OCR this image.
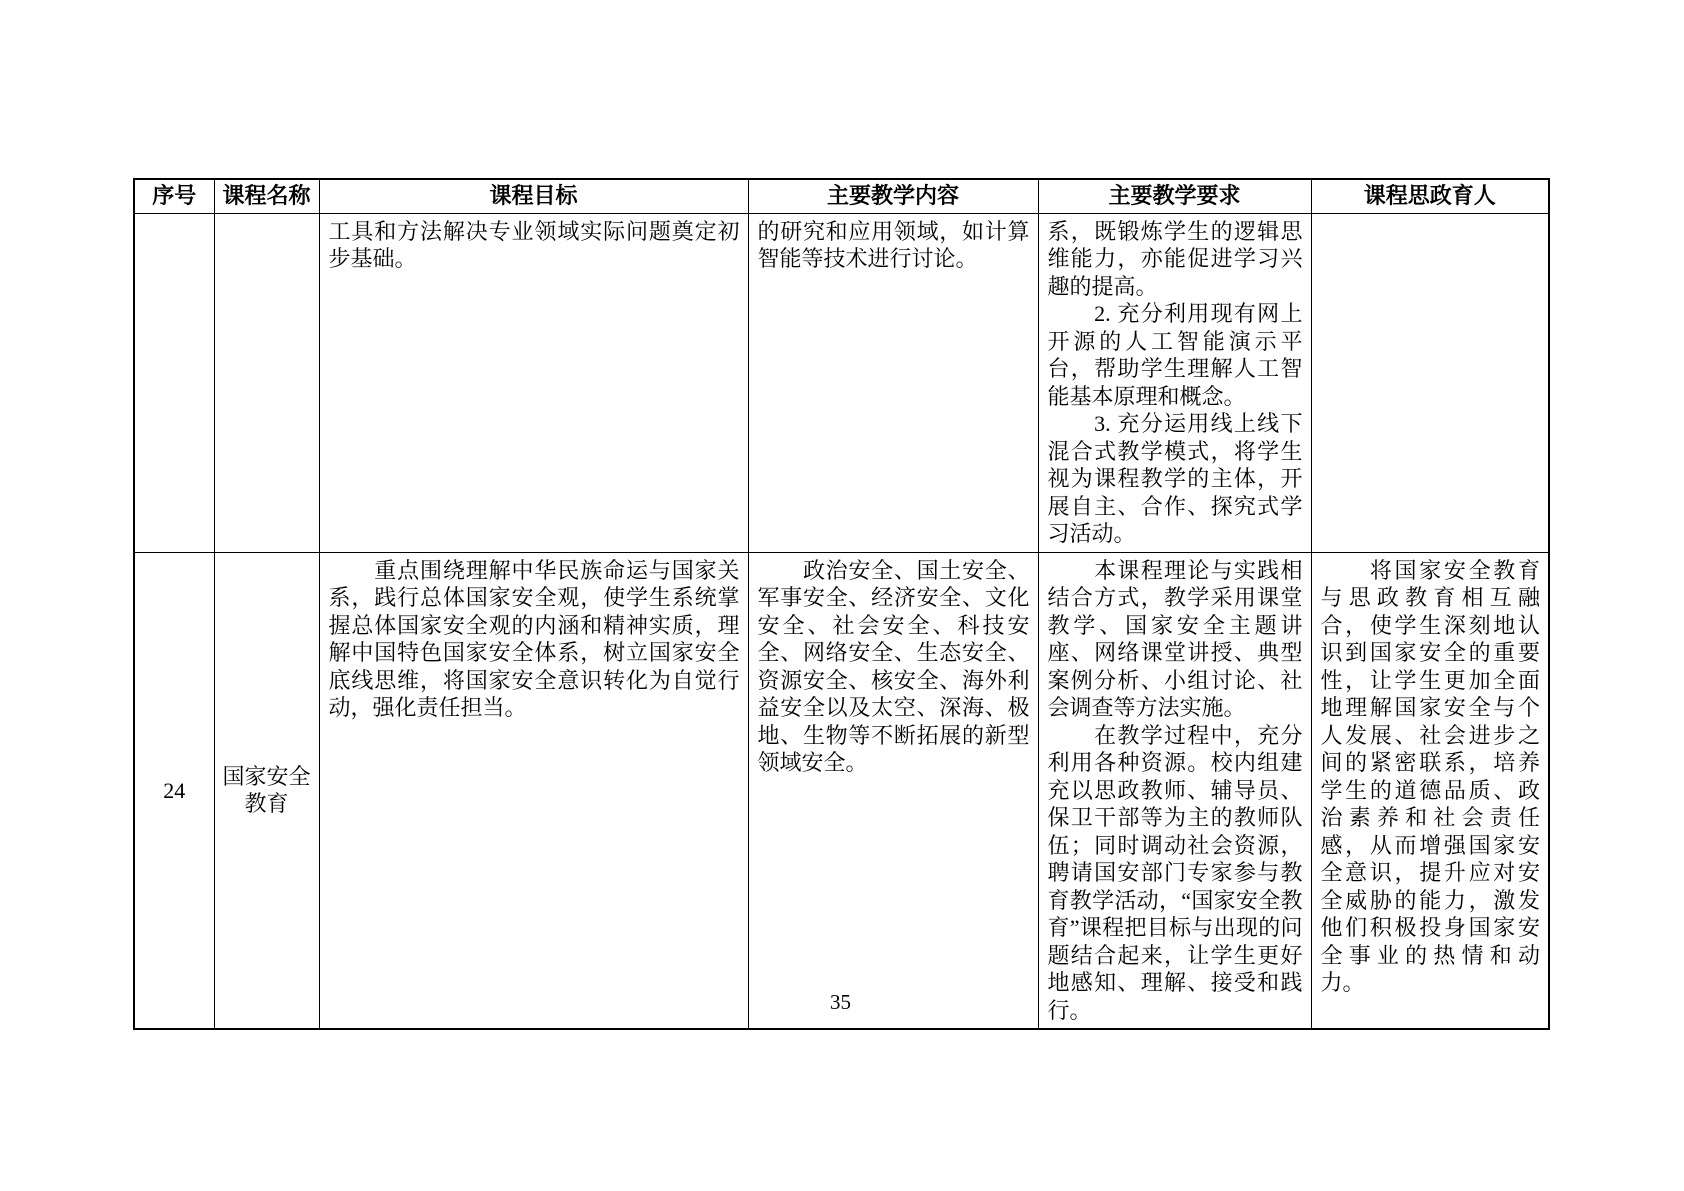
序号	课程名称	课程目标	主要教学内容	主要教学要求	课程思政育人

		工具和方法解决专业领域实际问题奠定初步基础。	的研究和应用领域，如计算智能等技术进行讨论。	系，既锻炼学生的逻辑思维能力，亦能促进学习兴趣的提高。

　　2. 充分利用现有网上开源的人工智能演示平台，帮助学生理解人工智能基本原理和概念。

　　3. 充分运用线上线下混合式教学模式，将学生视为课程教学的主体，开展自主、合作、探究式学习活动。	

24	国家安全教育	　　重点围绕理解中华民族命运与国家关系，践行总体国家安全观，使学生系统掌握总体国家安全观的内涵和精神实质，理解中国特色国家安全体系，树立国家安全底线思维，将国家安全意识转化为自觉行动，强化责任担当。	　　政治安全、国土安全、军事安全、经济安全、文化安全、社会安全、科技安全、网络安全、生态安全、资源安全、核安全、海外利益安全以及太空、深海、极地、生物等不断拓展的新型领域安全。	　　本课程理论与实践相结合方式，教学采用课堂教学、国家安全主题讲座、网络课堂讲授、典型案例分析、小组讨论、社会调查等方法实施。

　　在教学过程中，充分利用各种资源。校内组建充以思政教师、辅导员、保卫干部等为主的教师队伍；同时调动社会资源，聘请国安部门专家参与教育教学活动，“国家安全教育”课程把目标与出现的问题结合起来，让学生更好地感知、理解、接受和践行。	　　将国家安全教育与思政教育相互融合，使学生深刻地认识到国家安全的重要性，让学生更加全面地理解国家安全与个人发展、社会进步之间的紧密联系，培养学生的道德品质、政治素养和社会责任感，从而增强国家安全意识，提升应对安全威胁的能力，激发他们积极投身国家安全事业的热情和动力。

35
